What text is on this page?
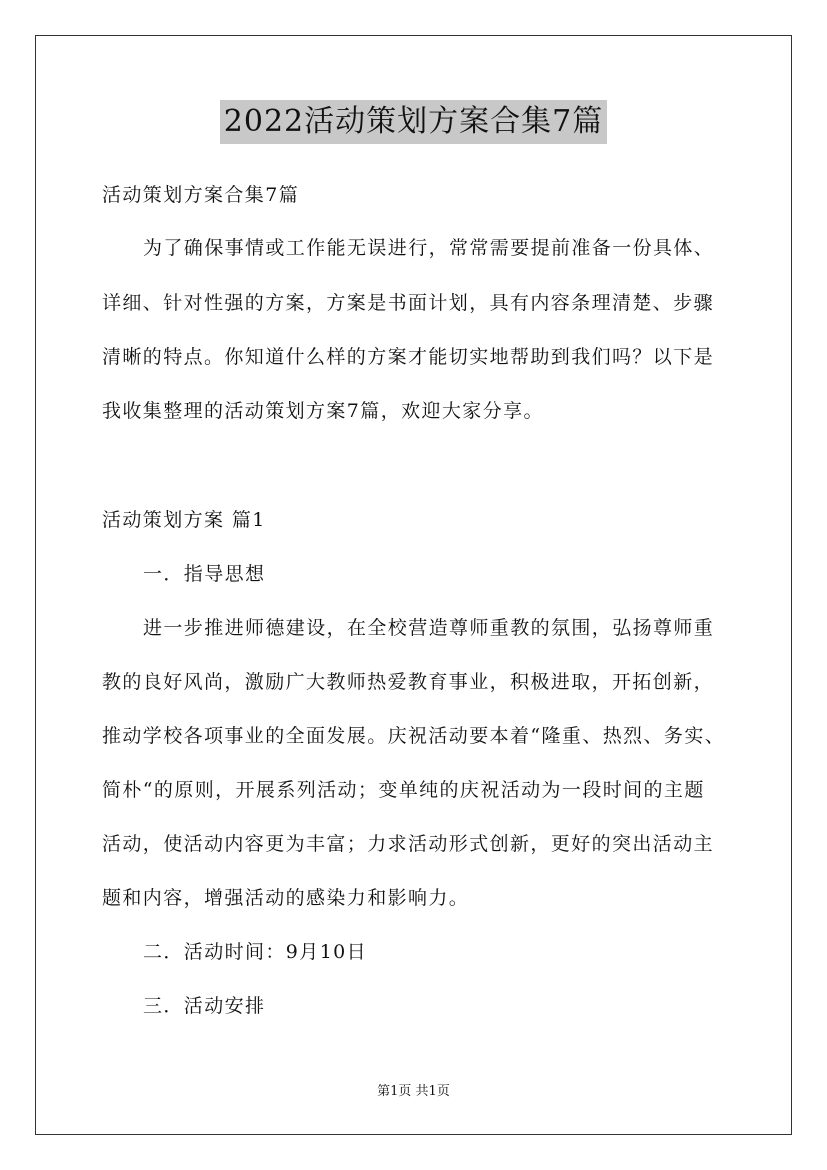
2022活动策划方案合集7篇
活动策划方案合集7篇
为了确保事情或工作能无误进行，常常需要提前准备一份具体、
详细、针对性强的方案，方案是书面计划，具有内容条理清楚、步骤
清晰的特点。你知道什么样的方案才能切实地帮助到我们吗？以下是
我收集整理的活动策划方案7篇，欢迎大家分享。
活动策划方案 篇1
一．指导思想
进一步推进师德建设，在全校营造尊师重教的氛围，弘扬尊师重
教的良好风尚，激励广大教师热爱教育事业，积极进取，开拓创新，
推动学校各项事业的全面发展。庆祝活动要本着“隆重、热烈、务实、
简朴“的原则，开展系列活动；变单纯的庆祝活动为一段时间的主题
活动，使活动内容更为丰富；力求活动形式创新，更好的突出活动主
题和内容，增强活动的感染力和影响力。
二．活动时间：9月10日
三．活动安排
第1页 共1页
